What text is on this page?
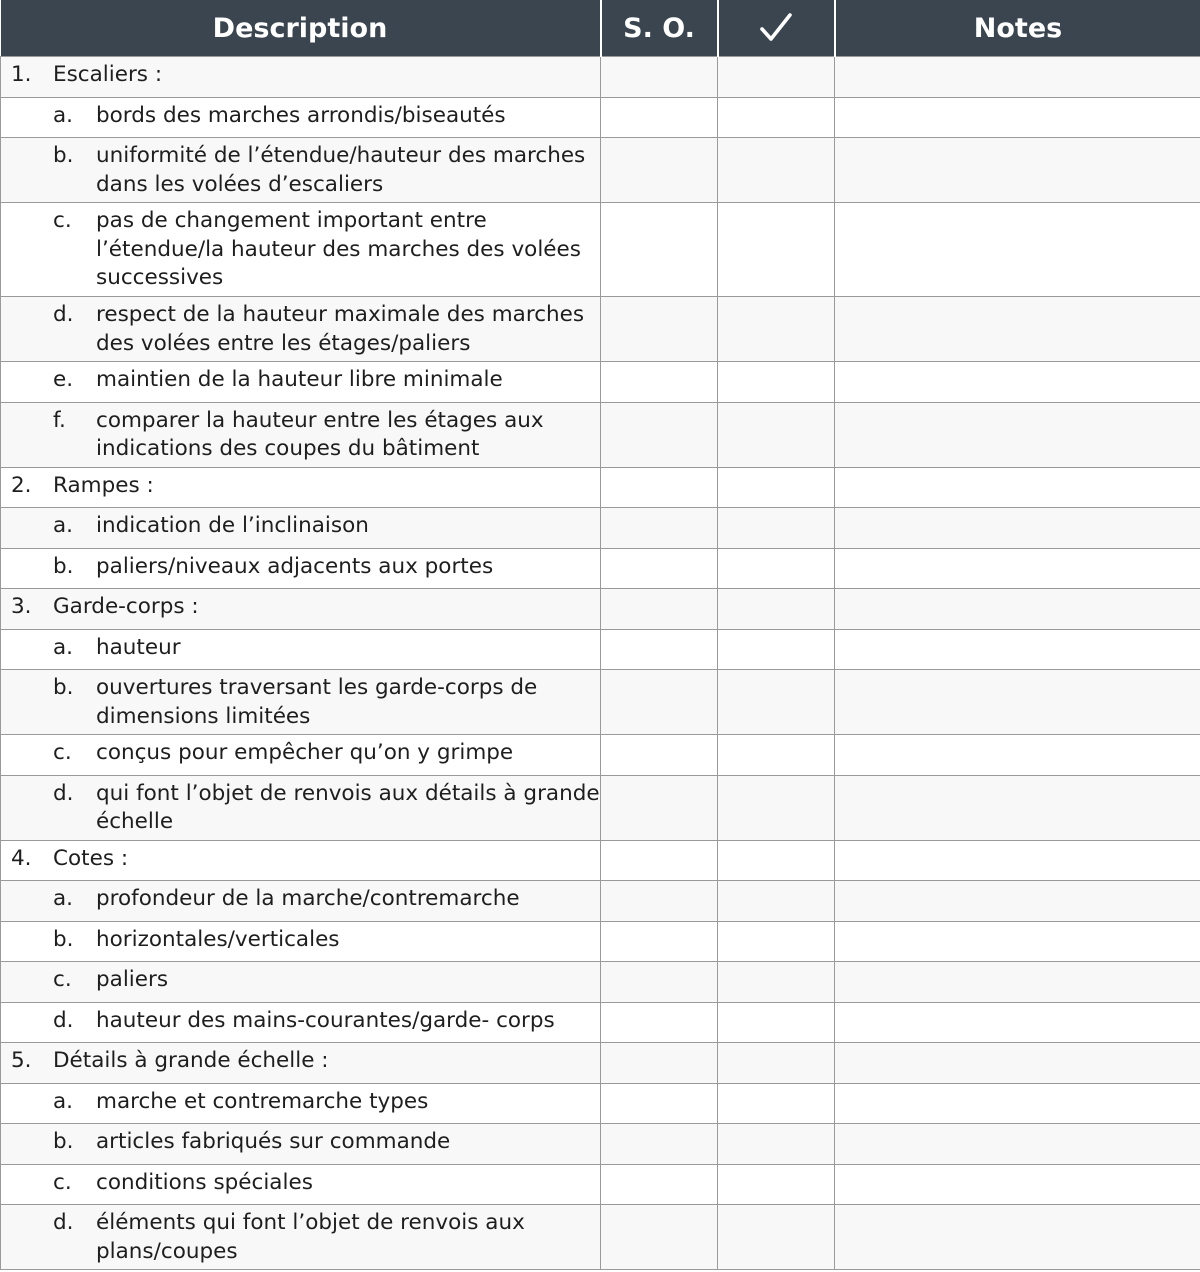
Description	S. O.		Notes

1. Escaliers :			

a. bords des marches arrondis/biseautés			

b. uniformité de l’étendue/hauteur des marches dans les volées d’escaliers			

c. pas de changement important entre l’étendue/la hauteur des marches des volées successives			

d. respect de la hauteur maximale des marches des volées entre les étages/paliers			

e. maintien de la hauteur libre minimale			

f. comparer la hauteur entre les étages aux indications des coupes du bâtiment			

2. Rampes :			

a. indication de l’inclinaison			

b. paliers/niveaux adjacents aux portes			

3. Garde-corps :			

a. hauteur			

b. ouvertures traversant les garde-corps de dimensions limitées			

c. conçus pour empêcher qu’on y grimpe			

d. qui font l’objet de renvois aux détails à grande échelle			

4. Cotes :			

a. profondeur de la marche/contremarche			

b. horizontales/verticales			

c. paliers			

d. hauteur des mains-courantes/garde- corps			

5. Détails à grande échelle :			

a. marche et contremarche types			

b. articles fabriqués sur commande			

c. conditions spéciales			

d. éléments qui font l’objet de renvois aux plans/coupes			
